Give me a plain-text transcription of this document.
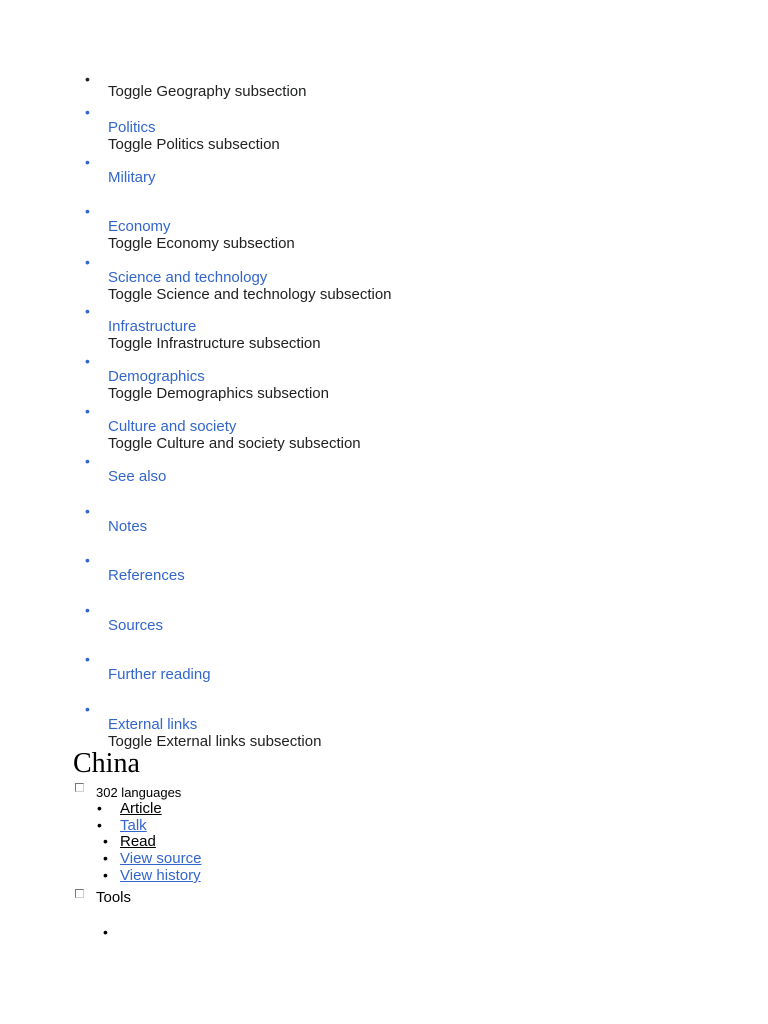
•
Toggle Geography subsection
•
Politics
Toggle Politics subsection
•
Military
•
Economy
Toggle Economy subsection
•
Science and technology
Toggle Science and technology subsection
•
Infrastructure
Toggle Infrastructure subsection
•
Demographics
Toggle Demographics subsection
•
Culture and society
Toggle Culture and society subsection
•
See also
•
Notes
•
References
•
Sources
•
Further reading
•
External links
Toggle External links subsection
China
302 languages
• Article
• Talk
• Read
• View source
• View history
Tools
•
